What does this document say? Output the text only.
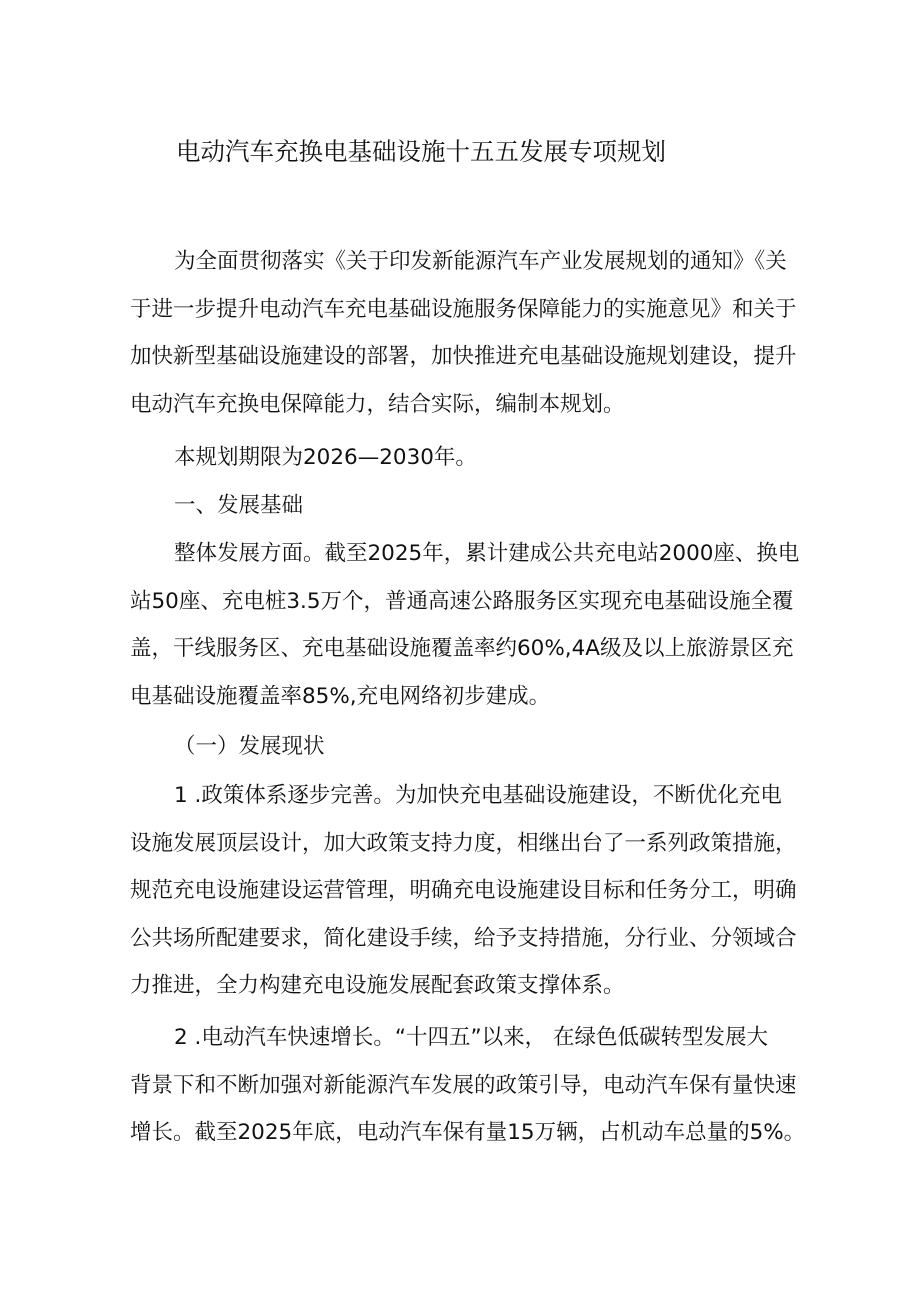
电动汽车充换电基础设施十五五发展专项规划
为全面贯彻落实《关于印发新能源汽车产业发展规划的通知》《关
于进一步提升电动汽车充电基础设施服务保障能力的实施意见》和关于
加快新型基础设施建设的部署，加快推进充电基础设施规划建设，提升
电动汽车充换电保障能力，结合实际，编制本规划。
本规划期限为2026—2030年。
一、发展基础
整体发展方面。截至2025年，累计建成公共充电站2000座、换电
站50座、充电桩3.5万个，普通高速公路服务区实现充电基础设施全覆
盖，干线服务区、充电基础设施覆盖率约60%,4A级及以上旅游景区充
电基础设施覆盖率85%,充电网络初步建成。
（一）发展现状
1 .政策体系逐步完善。为加快充电基础设施建设，不断优化充电
设施发展顶层设计，加大政策支持力度，相继出台了一系列政策措施，
规范充电设施建设运营管理，明确充电设施建设目标和任务分工，明确
公共场所配建要求，简化建设手续，给予支持措施，分行业、分领域合
力推进，全力构建充电设施发展配套政策支撑体系。
2 .电动汽车快速增长。“十四五”以来， 在绿色低碳转型发展大
背景下和不断加强对新能源汽车发展的政策引导，电动汽车保有量快速
增长。截至2025年底，电动汽车保有量15万辆，占机动车总量的5%。
